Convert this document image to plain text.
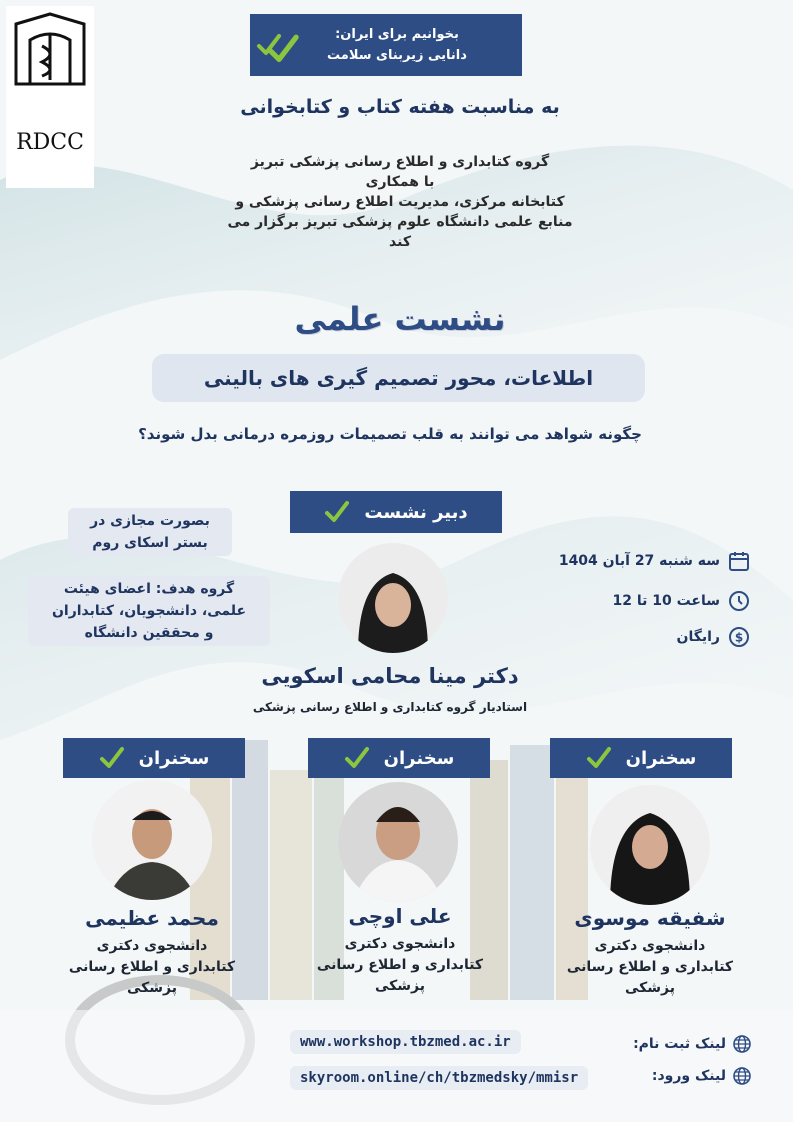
RDCC
بخوانیم برای ایران:
دانایی زیربنای سلامت
به مناسبت هفته کتاب و کتابخوانی
گروه کتابداری و اطلاع رسانی پزشکی تبریز
با همکاری
کتابخانه مرکزی، مدیریت اطلاع رسانی پزشکی و
منابع علمی دانشگاه علوم پزشکی تبریز برگزار می
کند
نشست علمی
اطلاعات، محور تصمیم گیری های بالینی
چگونه شواهد می توانند به قلب تصمیمات روزمره درمانی بدل شوند؟
دبیر نشست
دکتر مینا محامی اسکویی
استادیار گروه کتابداری و اطلاع رسانی پزشکی
بصورت مجازی در
بستر اسکای روم
گروه هدف: اعضای هیئت
علمی، دانشجویان، کتابداران
و محققین دانشگاه
سه شنبه 27 آبان 1404
ساعت 10 تا 12
$
رایگان
سخنران
سخنران
سخنران
شفیقه موسوی
دانشجوی دکتری
کتابداری و اطلاع رسانی
پزشکی
علی اوچی
دانشجوی دکتری
کتابداری و اطلاع رسانی
پزشکی
محمد عظیمی
دانشجوی دکتری
کتابداری و اطلاع رسانی
پزشکی
www.workshop.tbzmed.ac.ir	لینک ثبت نام:
skyroom.online/ch/tbzmedsky/mmisr	لینک ورود:
